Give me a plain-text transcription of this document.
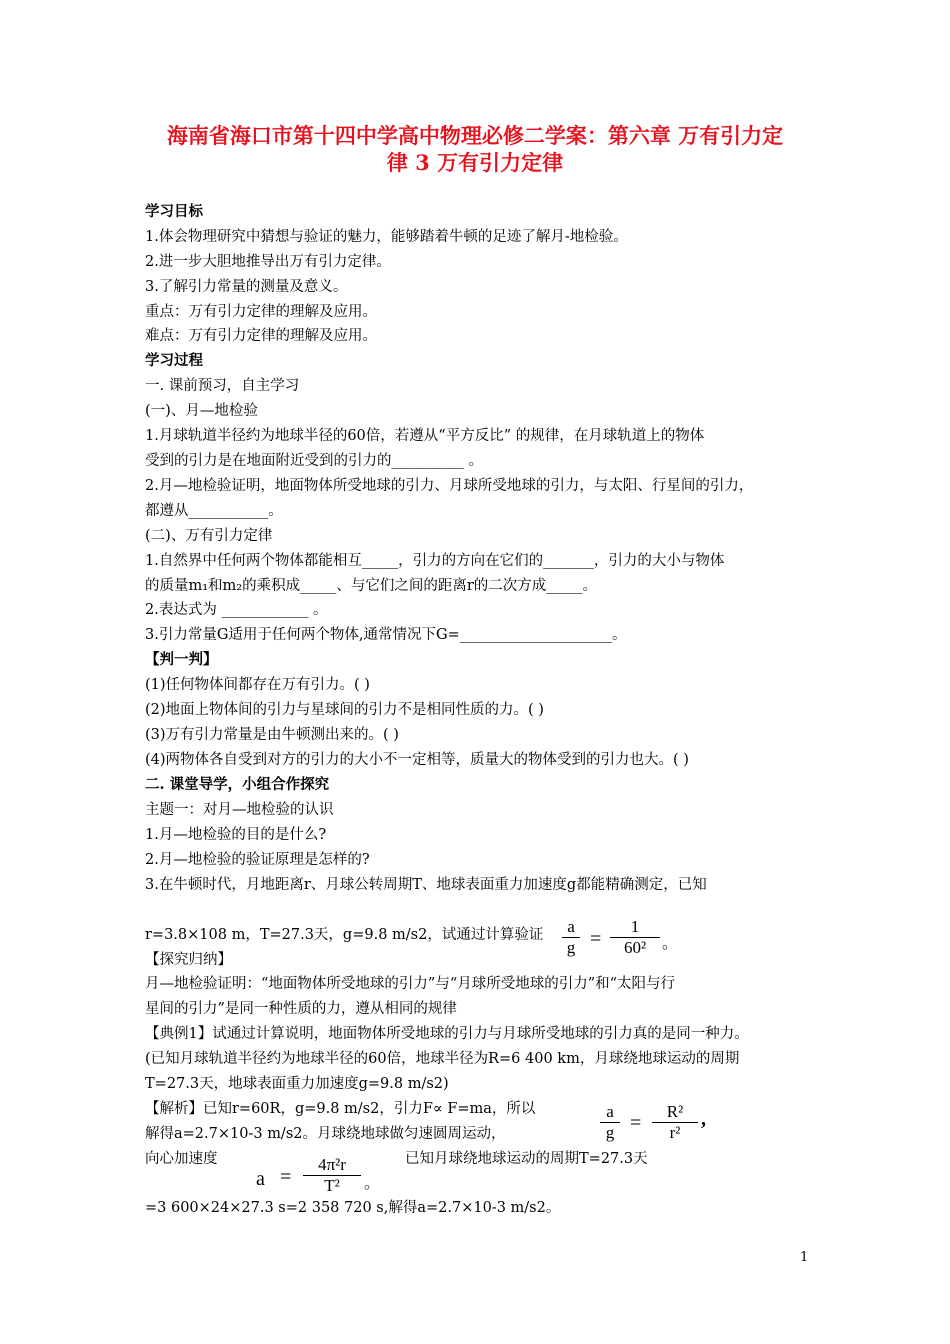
海南省海口市第十四中学高中物理必修二学案：第六章 万有引力定
律 3 万有引力定律
学习目标
1.体会物理研究中猜想与验证的魅力，能够踏着牛顿的足迹了解月-地检验。
2.进一步大胆地推导出万有引力定律。
3.了解引力常量的测量及意义。
重点：万有引力定律的理解及应用。
难点：万有引力定律的理解及应用。
学习过程
一. 课前预习，自主学习
(一)、月—地检验
1.月球轨道半径约为地球半径的60倍，若遵从“平方反比” 的规律，在月球轨道上的物体
受到的引力是在地面附近受到的引力的__________ 。
2.月—地检验证明，地面物体所受地球的引力、月球所受地球的引力，与太阳、行星间的引力，
都遵从___________。
(二)、万有引力定律
1.自然界中任何两个物体都能相互_____，引力的方向在它们的_______，引力的大小与物体
的质量m₁和m₂的乘积成_____、与它们之间的距离r的二次方成_____。
2.表达式为 ____________ 。
3.引力常量G适用于任何两个物体,通常情况下G=_____________________。
【判一判】
(1)任何物体间都存在万有引力。( )
(2)地面上物体间的引力与星球间的引力不是相同性质的力。( )
(3)万有引力常量是由牛顿测出来的。( )
(4)两物体各自受到对方的引力的大小不一定相等，质量大的物体受到的引力也大。( )
二. 课堂导学，小组合作探究
主题一：对月—地检验的认识
1.月—地检验的目的是什么?
2.月—地检验的验证原理是怎样的?
3.在牛顿时代，月地距离r、月球公转周期T、地球表面重力加速度g都能精确测定，已知
r=3.8×108 m，T=27.3天，g=9.8 m/s2，试通过计算验证
【探究归纳】
月—地检验证明：“地面物体所受地球的引力”与“月球所受地球的引力”和“太阳与行
星间的引力”是同一种性质的力，遵从相同的规律
【典例1】试通过计算说明，地面物体所受地球的引力与月球所受地球的引力真的是同一种力。
(已知月球轨道半径约为地球半径的60倍，地球半径为R=6 400 km，月球绕地球运动的周期
T=27.3天，地球表面重力加速度g=9.8 m/s2)
【解析】已知r=60R，g=9.8 m/s2，引力F∝ F=ma，所以
解得a=2.7×10-3 m/s2。月球绕地球做匀速圆周运动，
向心加速度	已知月球绕地球运动的周期T=27.3天
=3 600×24×27.3 s=2 358 720 s,解得a=2.7×10-3 m/s2。
a
g =
1
60² 。
a
g =
R²
r²
,
a =
4π²r
T²	。
1
